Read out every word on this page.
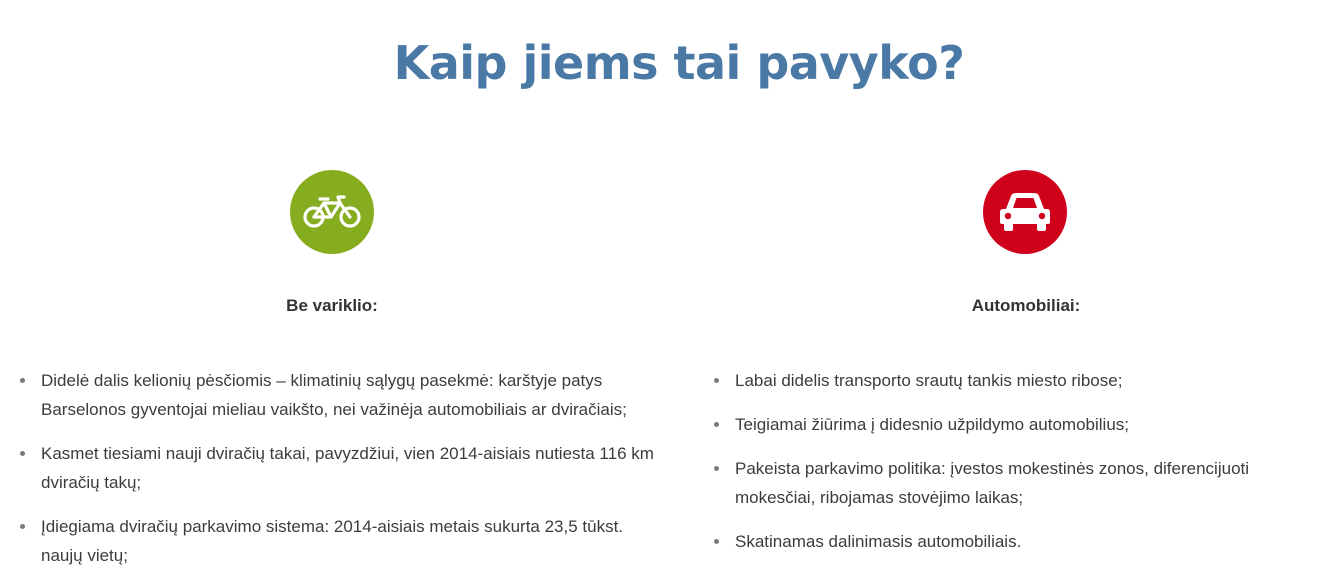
Kaip jiems tai pavyko?
Be variklio:
Didelė dalis kelionių pėsčiomis – klimatinių sąlygų pasekmė: karštyje patys Barselonos gyventojai mieliau vaikšto, nei važinėja automobiliais ar dviračiais;
Kasmet tiesiami nauji dviračių takai, pavyzdžiui, vien 2014-aisiais nutiesta 116 km dviračių takų;
Įdiegiama dviračių parkavimo sistema: 2014-aisiais metais sukurta 23,5 tūkst. naujų vietų;
Automobiliai:
Labai didelis transporto srautų tankis miesto ribose;
Teigiamai žiūrima į didesnio užpildymo automobilius;
Pakeista parkavimo politika: įvestos mokestinės zonos, diferencijuoti mokesčiai, ribojamas stovėjimo laikas;
Skatinamas dalinimasis automobiliais.
